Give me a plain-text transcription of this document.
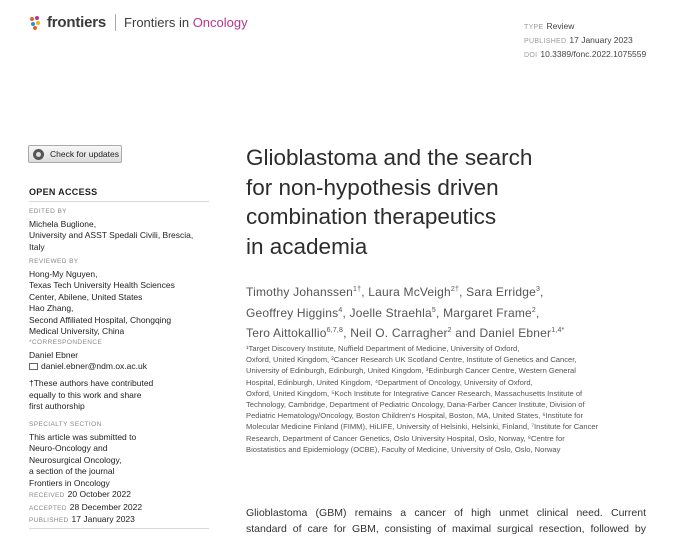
frontiers Frontiers in Oncology	TYPE Review
PUBLISHED 17 January 2023
DOI 10.3389/fonc.2022.1075559
Check for updates
OPEN ACCESS
EDITED BY
Michela Buglione,
University and ASST Spedali Civili, Brescia,
Italy
REVIEWED BY
Hong-My Nguyen,
Texas Tech University Health Sciences
Center, Abilene, United States
Hao Zhang,
Second Affiliated Hospital, Chongqing
Medical University, China
*CORRESPONDENCE
Daniel Ebner
daniel.ebner@ndm.ox.ac.uk
†These authors have contributed
equally to this work and share
first authorship
SPECIALTY SECTION
This article was submitted to
Neuro-Oncology and
Neurosurgical Oncology,
a section of the journal
Frontiers in Oncology
RECEIVED 20 October 2022
ACCEPTED 28 December 2022
PUBLISHED 17 January 2023
Glioblastoma and the search
for non-hypothesis driven
combination therapeutics
in academia
Timothy Johanssen$^{1\dagger}$, Laura McVeigh$^{2\dagger}$, Sara Erridge$^3$,
Geoffrey Higgins$^4$, Joelle Straehla$^5$, Margaret Frame$^2$,
Tero Aittokallio$^{6,7,8}$, Neil O. Carragher$^2$ and Daniel Ebner$^{1,4*}$
¹Target Discovery Institute, Nuffield Department of Medicine, University of Oxford,
Oxford, United Kingdom, ²Cancer Research UK Scotland Centre, Institute of Genetics and Cancer,
University of Edinburgh, Edinburgh, United Kingdom, ³Edinburgh Cancer Centre, Western General
Hospital, Edinburgh, United Kingdom, ⁴Department of Oncology, University of Oxford,
Oxford, United Kingdom, ⁵Koch Institute for Integrative Cancer Research, Massachusetts Institute of
Technology, Cambridge, Department of Pediatric Oncology, Dana-Farber Cancer Institute, Division of
Pediatric Hematology/Oncology, Boston Children's Hospital, Boston, MA, United States, ⁶Institute for
Molecular Medicine Finland (FIMM), HiLIFE, University of Helsinki, Helsinki, Finland, ⁷Institute for Cancer
Research, Department of Cancer Genetics, Oslo University Hospital, Oslo, Norway, ⁸Centre for
Biostatistics and Epidemiology (OCBE), Faculty of Medicine, University of Oslo, Oslo, Norway
Glioblastoma (GBM) remains a cancer of high unmet clinical need. Current
standard of care for GBM, consisting of maximal surgical resection, followed by
